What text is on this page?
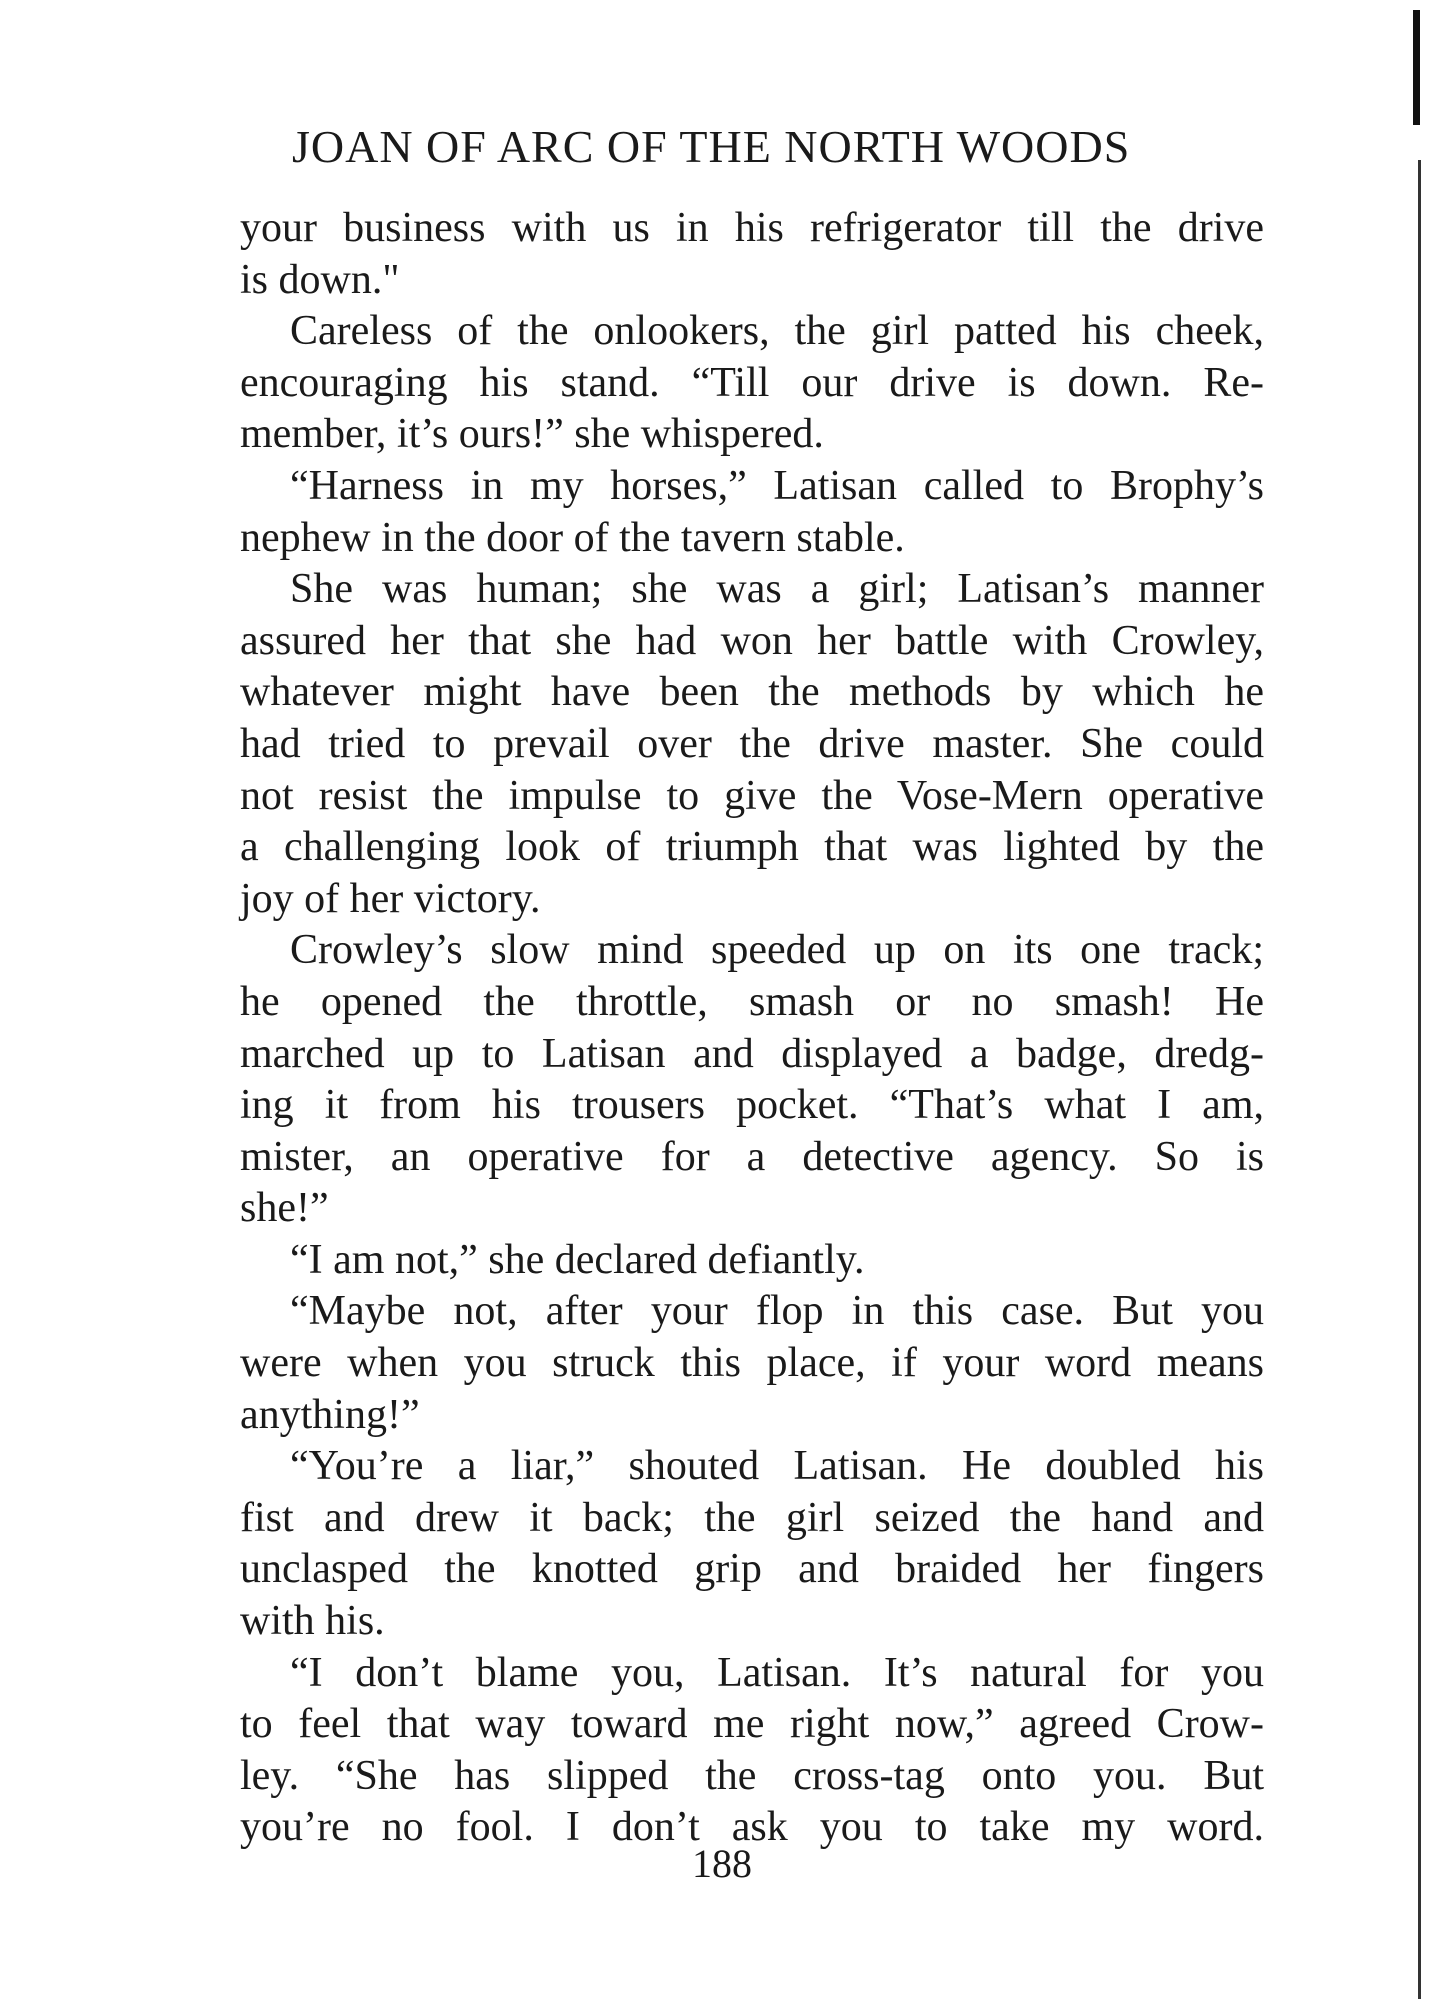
JOAN OF ARC OF THE NORTH WOODS
your business with us in his refrigerator till the drive
is down."
Careless of the onlookers, the girl patted his cheek,
encouraging his stand. “Till our drive is down. Re-
member, it’s ours!” she whispered.
“Harness in my horses,” Latisan called to Brophy’s
nephew in the door of the tavern stable.
She was human; she was a girl; Latisan’s manner
assured her that she had won her battle with Crowley,
whatever might have been the methods by which he
had tried to prevail over the drive master. She could
not resist the impulse to give the Vose-Mern operative
a challenging look of triumph that was lighted by the
joy of her victory.
Crowley’s slow mind speeded up on its one track;
he opened the throttle, smash or no smash! He
marched up to Latisan and displayed a badge, dredg-
ing it from his trousers pocket. “That’s what I am,
mister, an operative for a detective agency. So is
she!”
“I am not,” she declared defiantly.
“Maybe not, after your flop in this case. But you
were when you struck this place, if your word means
anything!”
“You’re a liar,” shouted Latisan. He doubled his
fist and drew it back; the girl seized the hand and
unclasped the knotted grip and braided her fingers
with his.
“I don’t blame you, Latisan. It’s natural for you
to feel that way toward me right now,” agreed Crow-
ley. “She has slipped the cross-tag onto you. But
you’re no fool. I don’t ask you to take my word.
188
